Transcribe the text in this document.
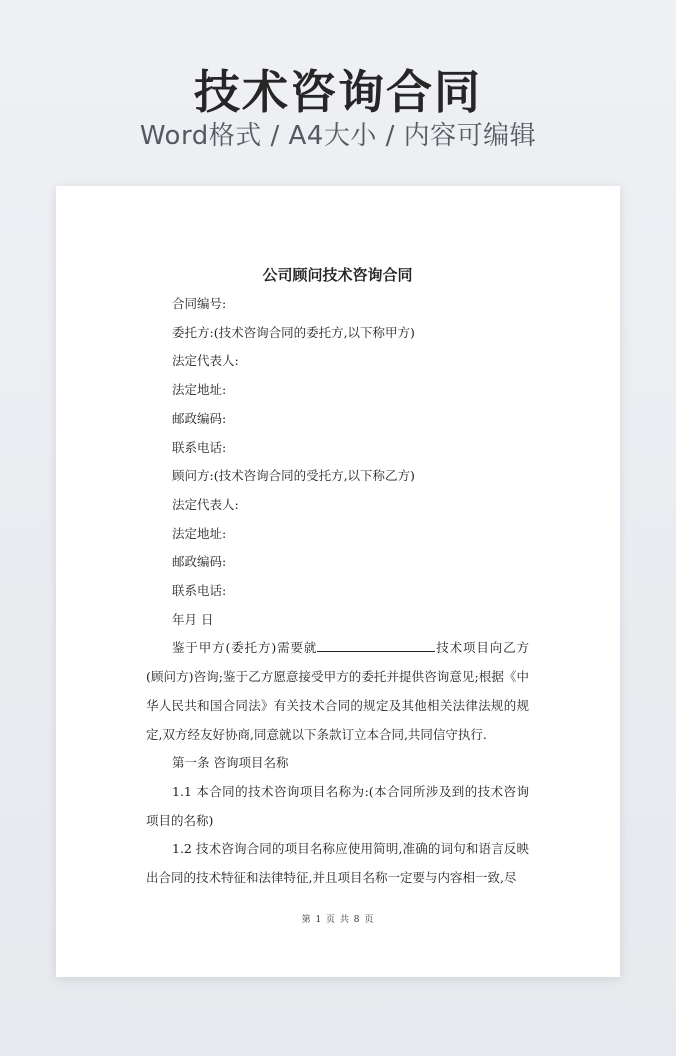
技术咨询合同
Word格式 / A4大小 / 内容可编辑
公司顾问技术咨询合同
合同编号:
委托方:(技术咨询合同的委托方,以下称甲方)
法定代表人:
法定地址:
邮政编码:
联系电话:
顾问方:(技术咨询合同的受托方,以下称乙方)
法定代表人:
法定地址:
邮政编码:
联系电话:
年月 日
鉴于甲方(委托方)需要就	技术项目向乙方(顾问方)咨询;鉴于乙方愿意接受甲方的委托并提供咨询意见;根据《中华人民共和国合同法》有关技术合同的规定及其他相关法律法规的规定,双方经友好协商,同意就以下条款订立本合同,共同信守执行.
第一条 咨询项目名称
1.1 本合同的技术咨询项目名称为:(本合同所涉及到的技术咨询项目的名称)
1.2 技术咨询合同的项目名称应使用简明,准确的词句和语言反映出合同的技术特征和法律特征,并且项目名称一定要与内容相一致,尽
第 1 页 共 8 页
